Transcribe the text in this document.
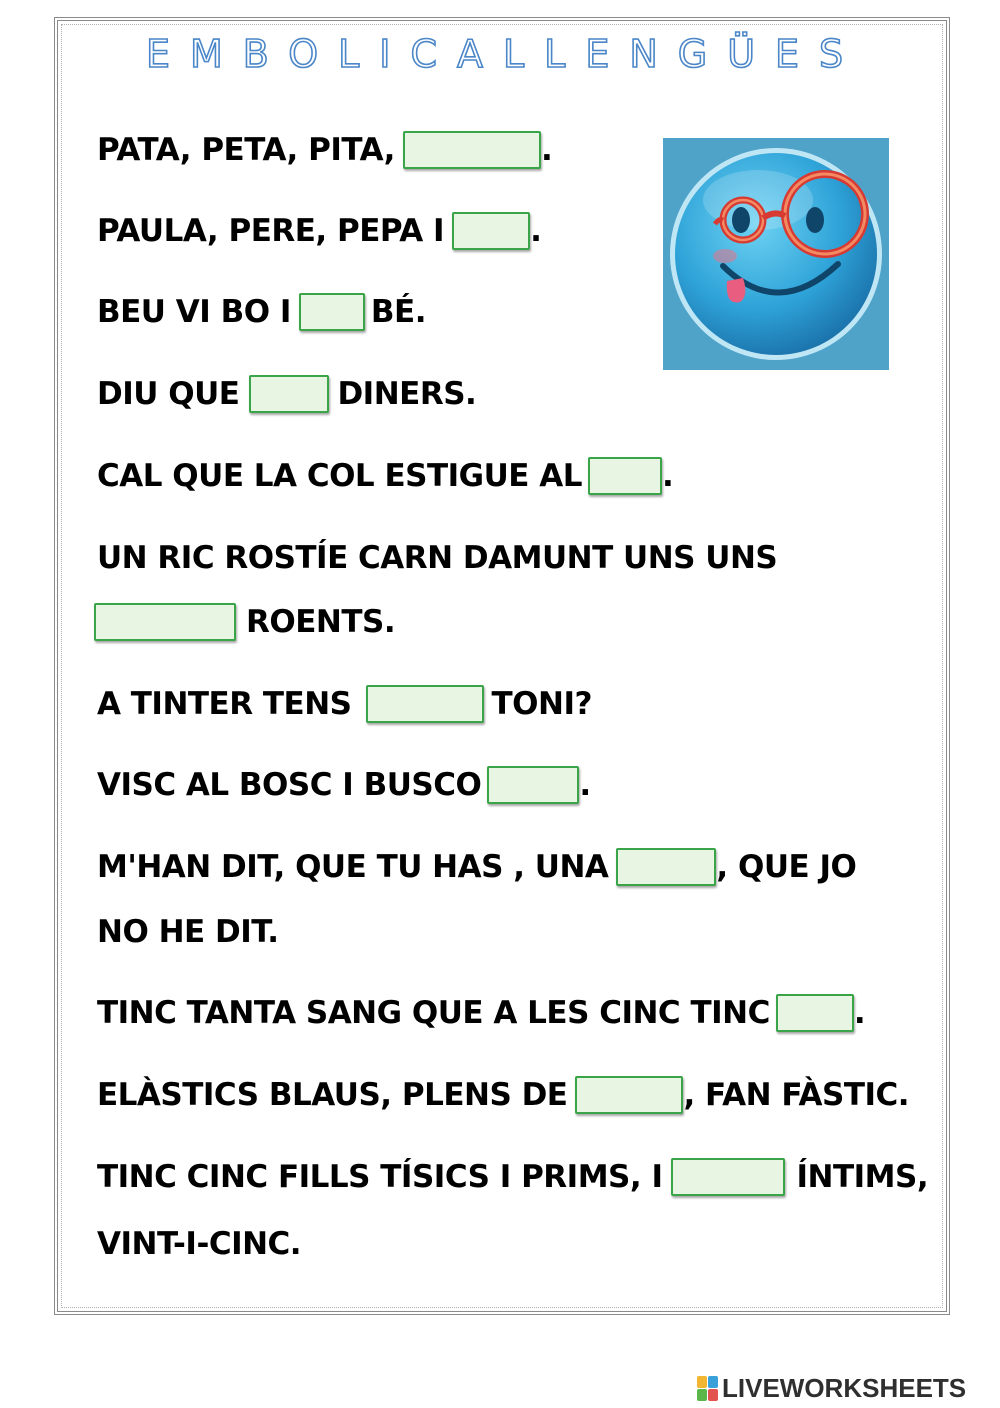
EMBOLICALLENGÜES
PATA, PETA, PITA,	.
PAULA, PERE, PEPA I	.
BEU VI BO I	BÉ.
DIU QUE	DINERS.
CAL QUE LA COL ESTIGUE AL	.
UN RIC ROSTÍE CARN DAMUNT UNS UNS
ROENTS.
A TINTER TENS	TONI?
VISC AL BOSC I BUSCO	.
M'HAN DIT, QUE TU HAS , UNA	, QUE JO
NO HE DIT.
TINC TANTA SANG QUE A LES CINC TINC	.
ELÀSTICS BLAUS, PLENS DE	, FAN FÀSTIC.
TINC CINC FILLS TÍSICS I PRIMS, I	ÍNTIMS,
VINT-I-CINC.
LIVEWORKSHEETS
